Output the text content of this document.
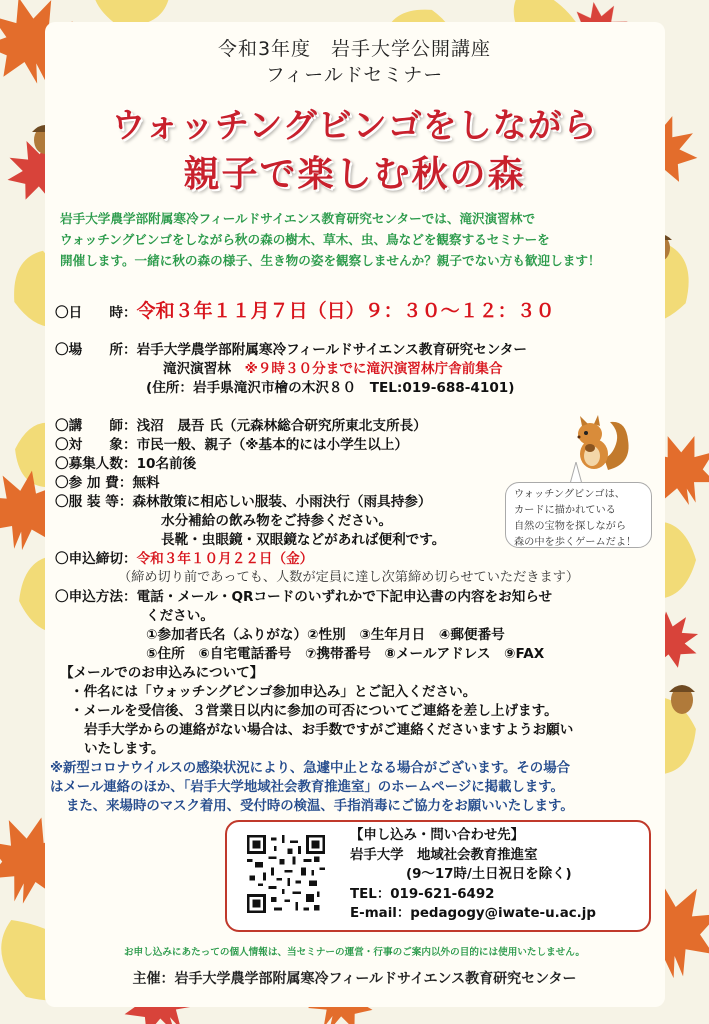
令和3年度　岩手大学公開講座
フィールドセミナー
ウォッチングビンゴをしながら
親子で楽しむ秋の森
岩手大学農学部附属寒冷フィールドサイエンス教育研究センターでは、滝沢演習林で
ウォッチングビンゴをしながら秋の森の樹木、草木、虫、鳥などを観察するセミナーを
開催します。一緒に秋の森の様子、生き物の姿を観察しませんか？親子でない方も歓迎します！
〇日　　時：令和３年１１月７日（日）９：３０～１２：３０
〇場　　所：岩手大学農学部附属寒冷フィールドサイエンス教育研究センター
滝沢演習林　 ※９時３０分までに滝沢演習林庁舎前集合
(住所：岩手県滝沢市檜の木沢８０　TEL:019-688-4101)
〇講　　師：浅沼　晟吾 氏（元森林総合研究所東北支所長）
〇対　　象：市民一般、親子（※基本的には小学生以上）
〇募集人数：10名前後
〇参 加 費：無料
〇服 装 等：森林散策に相応しい服装、小雨決行（雨具持参）
水分補給の飲み物をご持参ください。
長靴・虫眼鏡・双眼鏡などがあれば便利です。
〇申込締切：令和３年１０月２２日（金）
（締め切り前であっても、人数が定員に達し次第締め切らせていただきます）
〇申込方法：電話・メール・QRコードのいずれかで下記申込書の内容をお知らせ
ください。
①参加者氏名（ふりがな）②性別　③生年月日　④郵便番号
⑤住所　⑥自宅電話番号　⑦携帯番号　⑧メールアドレス　⑨FAX
【メールでのお申込みについて】
・件名には「ウォッチングビンゴ参加申込み」とご記入ください。
・メールを受信後、３営業日以内に参加の可否についてご連絡を差し上げます。
岩手大学からの連絡がない場合は、お手数ですがご連絡くださいますようお願い
いたします。
※新型コロナウイルスの感染状況により、急遽中止となる場合がございます。その場合
はメール連絡のほか、「岩手大学地域社会教育推進室」のホームページに掲載します。
また、来場時のマスク着用、受付時の検温、手指消毒にご協力をお願いいたします。
ウォッチングビンゴは、
カードに描かれている
自然の宝物を探しながら
森の中を歩くゲームだよ！
【申し込み・問い合わせ先】
岩手大学　地域社会教育推進室
(9～17時/土日祝日を除く)
TEL：019-621-6492
E-mail：pedagogy@iwate-u.ac.jp
お申し込みにあたっての個人情報は、当セミナーの運営・行事のご案内以外の目的には使用いたしません。
主催：岩手大学農学部附属寒冷フィールドサイエンス教育研究センター
